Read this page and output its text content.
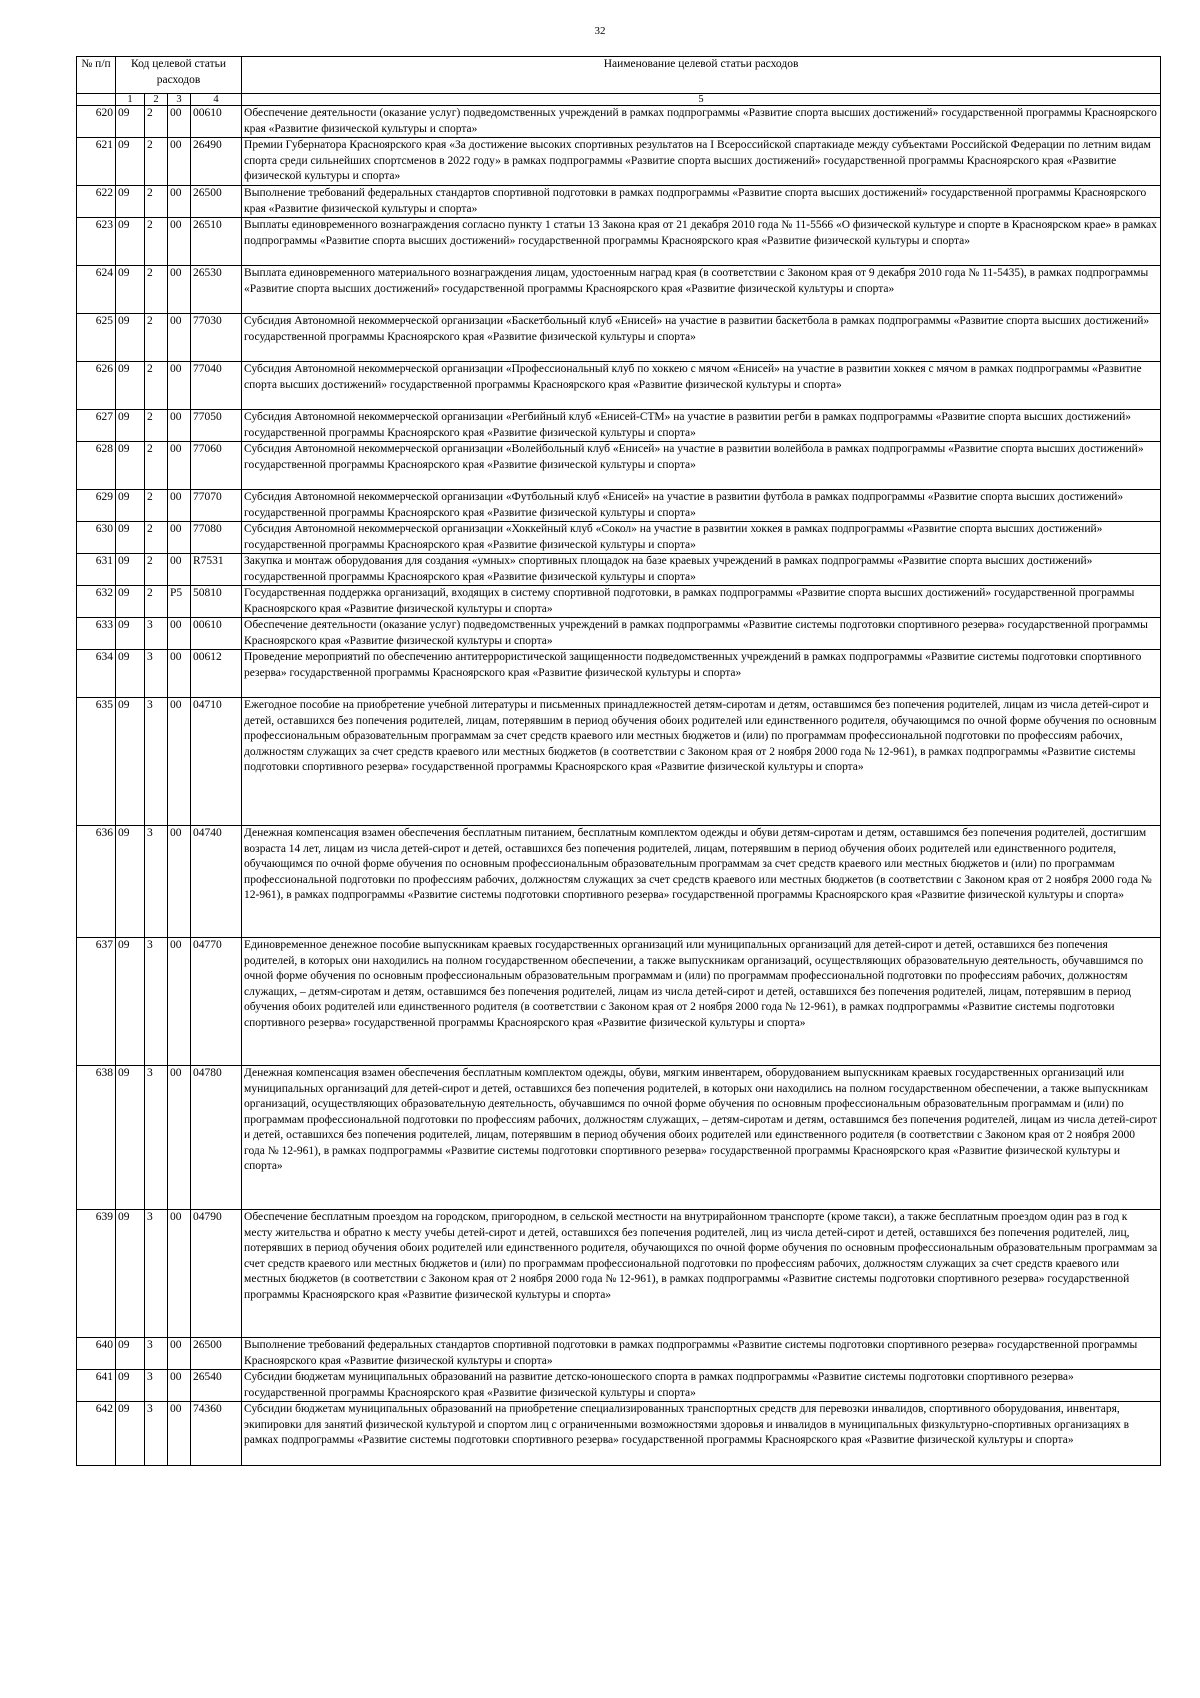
32
№ п/п	Код целевой статьи расходов				Наименование целевой статьи расходов

	1	2	3	4	5
620	09	2	00	00610	Обеспечение деятельности (оказание услуг) подведомственных учреждений в рамках подпрограммы «Развитие спорта высших достижений» государственной программы Красноярского края «Развитие физической культуры и спорта»
621	09	2	00	26490	Премии Губернатора Красноярского края «За достижение высоких спортивных результатов на I Всероссийской спартакиаде между субъектами Российской Федерации по летним видам спорта среди сильнейших спортсменов в 2022 году» в рамках подпрограммы «Развитие спорта высших достижений» государственной программы Красноярского края «Развитие физической культуры и спорта»
622	09	2	00	26500	Выполнение требований федеральных стандартов спортивной подготовки в рамках подпрограммы «Развитие спорта высших достижений» государственной программы Красноярского края «Развитие физической культуры и спорта»
623	09	2	00	26510	Выплаты единовременного вознаграждения согласно пункту 1 статьи 13 Закона края от 21 декабря 2010 года № 11-5566 «О физической культуре и спорте в Красноярском крае» в рамках подпрограммы «Развитие спорта высших достижений» государственной программы Красноярского края «Развитие физической культуры и спорта»
624	09	2	00	26530	Выплата единовременного материального вознаграждения лицам, удостоенным наград края (в соответствии с Законом края от 9 декабря 2010 года № 11-5435), в рамках подпрограммы «Развитие спорта высших достижений» государственной программы Красноярского края «Развитие физической культуры и спорта»
625	09	2	00	77030	Субсидия Автономной некоммерческой организации «Баскетбольный клуб «Енисей» на участие в развитии баскетбола в рамках подпрограммы «Развитие спорта высших достижений» государственной программы Красноярского края «Развитие физической культуры и спорта»
626	09	2	00	77040	Субсидия Автономной некоммерческой организации «Профессиональный клуб по хоккею с мячом «Енисей» на участие в развитии хоккея с мячом в рамках подпрограммы «Развитие спорта высших достижений» государственной программы Красноярского края «Развитие физической культуры и спорта»
627	09	2	00	77050	Субсидия Автономной некоммерческой организации «Регбийный клуб «Енисей-СТМ» на участие в развитии регби в рамках подпрограммы «Развитие спорта высших достижений» государственной программы Красноярского края «Развитие физической культуры и спорта»
628	09	2	00	77060	Субсидия Автономной некоммерческой организации «Волейбольный клуб «Енисей» на участие в развитии волейбола в рамках подпрограммы «Развитие спорта высших достижений» государственной программы Красноярского края «Развитие физической культуры и спорта»
629	09	2	00	77070	Субсидия Автономной некоммерческой организации «Футбольный клуб «Енисей» на участие в развитии футбола в рамках подпрограммы «Развитие спорта высших достижений» государственной программы Красноярского края «Развитие физической культуры и спорта»
630	09	2	00	77080	Субсидия Автономной некоммерческой организации «Хоккейный клуб «Сокол» на участие в развитии хоккея в рамках подпрограммы «Развитие спорта высших достижений» государственной программы Красноярского края «Развитие физической культуры и спорта»
631	09	2	00	R7531	Закупка и монтаж оборудования для создания «умных» спортивных площадок на базе краевых учреждений в рамках подпрограммы «Развитие спорта высших достижений» государственной программы Красноярского края «Развитие физической культуры и спорта»
632	09	2	P5	50810	Государственная поддержка организаций, входящих в систему спортивной подготовки, в рамках подпрограммы «Развитие спорта высших достижений» государственной программы Красноярского края «Развитие физической культуры и спорта»
633	09	3	00	00610	Обеспечение деятельности (оказание услуг) подведомственных учреждений в рамках подпрограммы «Развитие системы подготовки спортивного резерва» государственной программы Красноярского края «Развитие физической культуры и спорта»
634	09	3	00	00612	Проведение мероприятий по обеспечению антитеррористической защищенности подведомственных учреждений в рамках подпрограммы «Развитие системы подготовки спортивного резерва» государственной программы Красноярского края «Развитие физической культуры и спорта»
635	09	3	00	04710	Ежегодное пособие на приобретение учебной литературы и письменных принадлежностей детям-сиротам и детям, оставшимся без попечения родителей, лицам из числа детей-сирот и детей, оставшихся без попечения родителей, лицам, потерявшим в период обучения обоих родителей или единственного родителя, обучающимся по очной форме обучения по основным профессиональным образовательным программам за счет средств краевого или местных бюджетов и (или) по программам профессиональной подготовки по профессиям рабочих, должностям служащих за счет средств краевого или местных бюджетов (в соответствии с Законом края от 2 ноября 2000 года № 12-961), в рамках подпрограммы «Развитие системы подготовки спортивного резерва» государственной программы Красноярского края «Развитие физической культуры и спорта»
636	09	3	00	04740	Денежная компенсация взамен обеспечения бесплатным питанием, бесплатным комплектом одежды и обуви детям-сиротам и детям, оставшимся без попечения родителей, достигшим возраста 14 лет, лицам из числа детей-сирот и детей, оставшихся без попечения родителей, лицам, потерявшим в период обучения обоих родителей или единственного родителя, обучающимся по очной форме обучения по основным профессиональным образовательным программам за счет средств краевого или местных бюджетов и (или) по программам профессиональной подготовки по профессиям рабочих, должностям служащих за счет средств краевого или местных бюджетов (в соответствии с Законом края от 2 ноября 2000 года № 12-961), в рамках подпрограммы «Развитие системы подготовки спортивного резерва» государственной программы Красноярского края «Развитие физической культуры и спорта»
637	09	3	00	04770	Единовременное денежное пособие выпускникам краевых государственных организаций или муниципальных организаций для детей-сирот и детей, оставшихся без попечения родителей, в которых они находились на полном государственном обеспечении, а также выпускникам организаций, осуществляющих образовательную деятельность, обучавшимся по очной форме обучения по основным профессиональным образовательным программам и (или) по программам профессиональной подготовки по профессиям рабочих, должностям служащих, – детям-сиротам и детям, оставшимся без попечения родителей, лицам из числа детей-сирот и детей, оставшихся без попечения родителей, лицам, потерявшим в период обучения обоих родителей или единственного родителя (в соответствии с Законом края от 2 ноября 2000 года № 12-961), в рамках подпрограммы «Развитие системы подготовки спортивного резерва» государственной программы Красноярского края «Развитие физической культуры и спорта»
638	09	3	00	04780	Денежная компенсация взамен обеспечения бесплатным комплектом одежды, обуви, мягким инвентарем, оборудованием выпускникам краевых государственных организаций или муниципальных организаций для детей-сирот и детей, оставшихся без попечения родителей, в которых они находились на полном государственном обеспечении, а также выпускникам организаций, осуществляющих образовательную деятельность, обучавшимся по очной форме обучения по основным профессиональным образовательным программам и (или) по программам профессиональной подготовки по профессиям рабочих, должностям служащих, – детям-сиротам и детям, оставшимся без попечения родителей, лицам из числа детей-сирот и детей, оставшихся без попечения родителей, лицам, потерявшим в период обучения обоих родителей или единственного родителя (в соответствии с Законом края от 2 ноября 2000 года № 12-961), в рамках подпрограммы «Развитие системы подготовки спортивного резерва» государственной программы Красноярского края «Развитие физической культуры и спорта»
639	09	3	00	04790	Обеспечение бесплатным проездом на городском, пригородном, в сельской местности на внутрирайонном транспорте (кроме такси), а также бесплатным проездом один раз в год к месту жительства и обратно к месту учебы детей-сирот и детей, оставшихся без попечения родителей, лиц из числа детей-сирот и детей, оставшихся без попечения родителей, лиц, потерявших в период обучения обоих родителей или единственного родителя, обучающихся по очной форме обучения по основным профессиональным образовательным программам за счет средств краевого или местных бюджетов и (или) по программам профессиональной подготовки по профессиям рабочих, должностям служащих за счет средств краевого или местных бюджетов (в соответствии с Законом края от 2 ноября 2000 года № 12-961), в рамках подпрограммы «Развитие системы подготовки спортивного резерва» государственной программы Красноярского края «Развитие физической культуры и спорта»
640	09	3	00	26500	Выполнение требований федеральных стандартов спортивной подготовки в рамках подпрограммы «Развитие системы подготовки спортивного резерва» государственной программы Красноярского края «Развитие физической культуры и спорта»
641	09	3	00	26540	Субсидии бюджетам муниципальных образований на развитие детско-юношеского спорта в рамках подпрограммы «Развитие системы подготовки спортивного резерва» государственной программы Красноярского края «Развитие физической культуры и спорта»
642	09	3	00	74360	Субсидии бюджетам муниципальных образований на приобретение специализированных транспортных средств для перевозки инвалидов, спортивного оборудования, инвентаря, экипировки для занятий физической культурой и спортом лиц с ограниченными возможностями здоровья и инвалидов в муниципальных физкультурно-спортивных организациях в рамках подпрограммы «Развитие системы подготовки спортивного резерва» государственной программы Красноярского края «Развитие физической культуры и спорта»
